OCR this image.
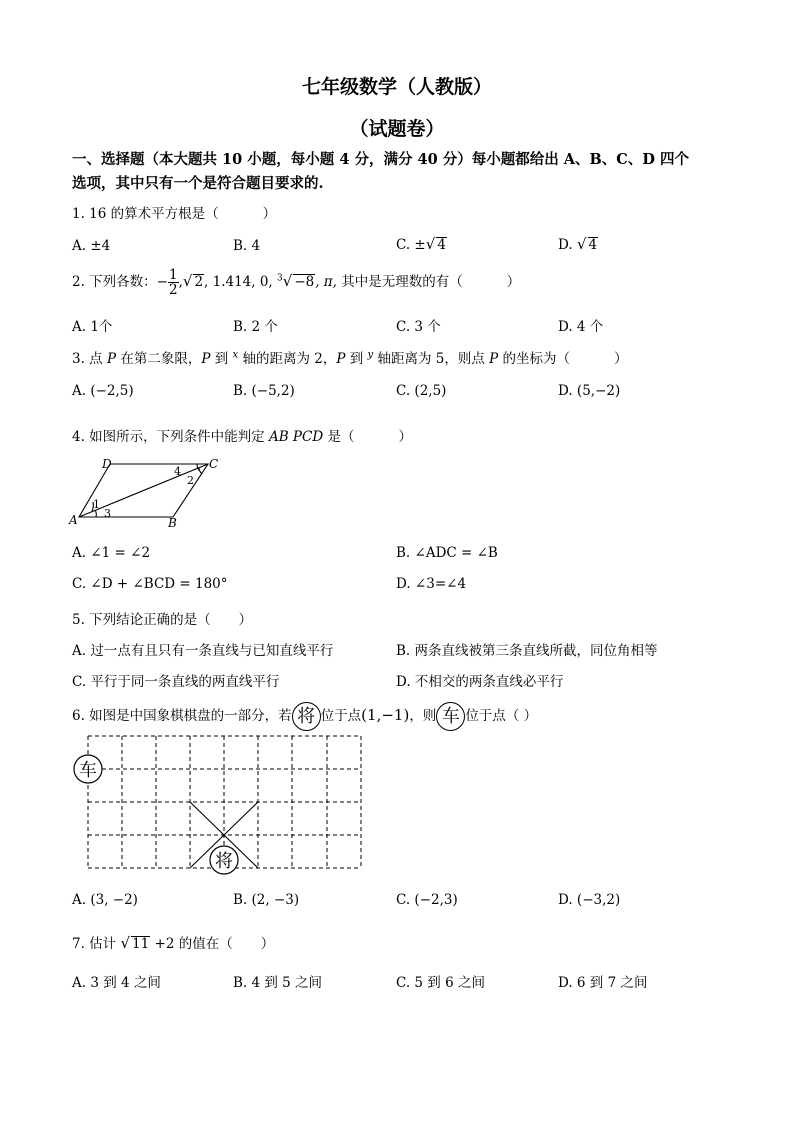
七年级数学（人教版）
（试题卷）
一、选择题（本大题共 10 小题，每小题 4 分，满分 40 分）每小题都给出 A、B、C、D 四个
选项，其中只有一个是符合题目要求的.
1. 16 的算术平方根是（	）
A. ±4	B. 4	C. ±√ 4	D. √ 4
2. 下列各数：− $\frac{1}{2}$ ,√ 2, 1.414, 0, $^3$√ −8, π, 其中是无理数的有（	）
A. 1个	B. 2 个	C. 3 个	D. 4 个
3. 点 P 在第二象限，P 到 $^x$ 轴的距离为 2，P 到 $^y$ 轴距离为 5，则点 P 的坐标为（	）
A. (−2,5)	B. (−5,2)	C. (2,5)	D. (5,−2)
4. 如图所示，下列条件中能判定 AB PCD 是（	）
D	C
A	B
1
2
3
4
A. ∠1 = ∠2	B. ∠ADC = ∠B
C. ∠D + ∠BCD = 180°	D. ∠3=∠4
5. 下列结论正确的是（ ）
A. 过一点有且只有一条直线与已知直线平行	B. 两条直线被第三条直线所截，同位角相等
C. 平行于同一条直线的两直线平行	D. 不相交的两条直线必平行
6. 如图是中国象棋棋盘的一部分，若 将 位于点(1,−1)，则 车 位于点（ ）
车
将
A. (3, −2)	B. (2, −3)	C. (−2,3)	D. (−3,2)
7. 估计 √ 11 +2 的值在（ ）
A. 3 到 4 之间	B. 4 到 5 之间	C. 5 到 6 之间	D. 6 到 7 之间
